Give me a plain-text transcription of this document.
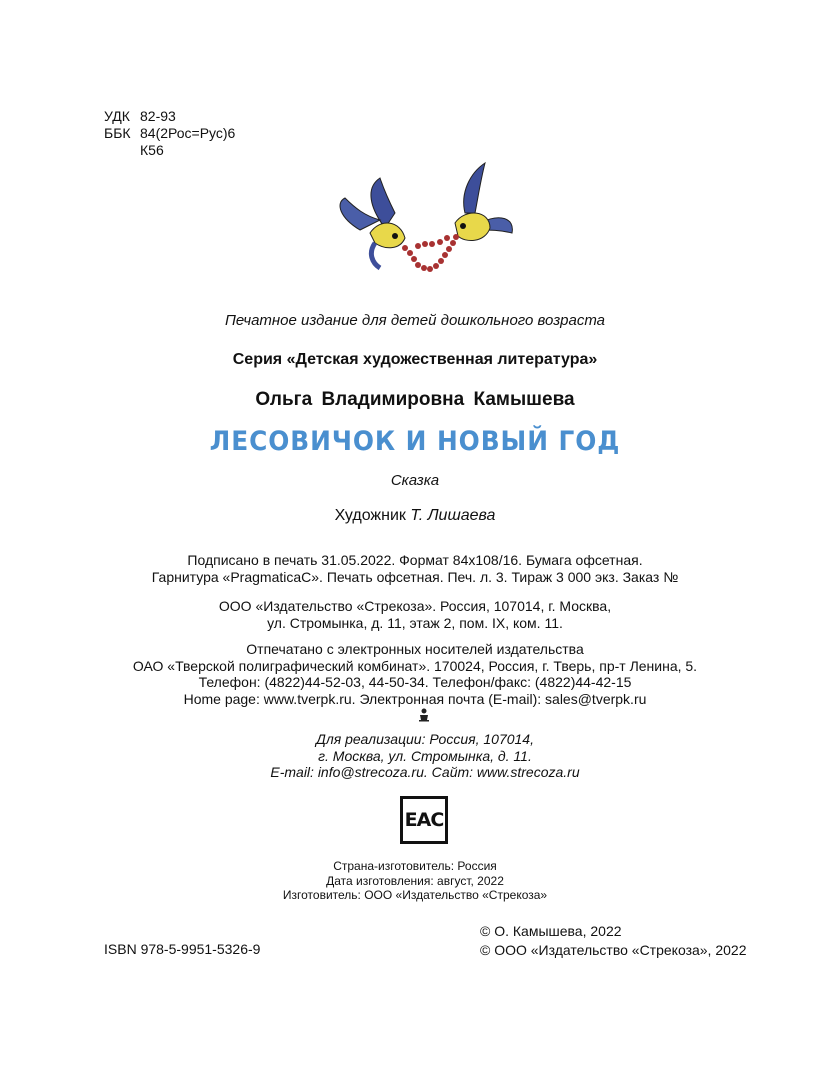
УДК 82-93
ББК 84(2Рос=Рус)6
К56
Печатное издание для детей дошкольного возраста
Серия «Детская художественная литература»
Ольга Владимировна Камышева
ЛЕСОВИЧОК И НОВЫЙ ГОД
Сказка
Художник Т. Лишаева
Подписано в печать 31.05.2022. Формат 84x108/16. Бумага офсетная.
Гарнитура «PragmaticaC». Печать офсетная. Печ. л. 3. Тираж 3 000 экз. Заказ №
ООО «Издательство «Стрекоза». Россия, 107014, г. Москва,
ул. Стромынка, д. 11, этаж 2, пом. IX, ком. 11.
Отпечатано с электронных носителей издательства
ОАО «Тверской полиграфический комбинат». 170024, Россия, г. Тверь, пр-т Ленина, 5.
Телефон: (4822)44-52-03, 44-50-34. Телефон/факс: (4822)44-42-15
Home page: www.tverpk.ru. Электронная почта (E-mail): sales@tverpk.ru
Для реализации: Россия, 107014,
г. Москва, ул. Стромынка, д. 11.
E-mail: info@strecoza.ru. Сайт: www.strecoza.ru
EAC
Страна-изготовитель: Россия
Дата изготовления: август, 2022
Изготовитель: ООО «Издательство «Стрекоза»
ISBN 978-5-9951-5326-9
© О. Камышева, 2022
© ООО «Издательство «Стрекоза», 2022
